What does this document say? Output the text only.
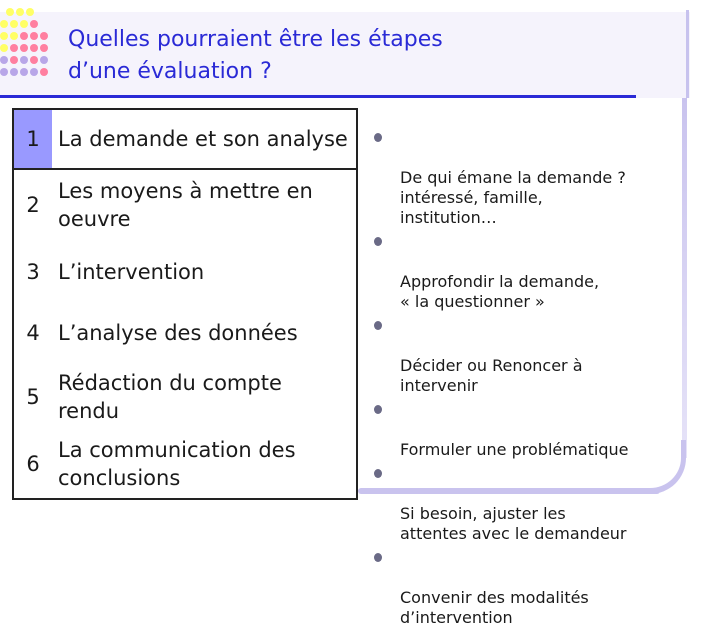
Quelles pourraient être les étapes
d’une évaluation ?
1 La demande et son analyse
2
Les moyens à mettre en
oeuvre
3 L’intervention
4 L’analyse des données
5
Rédaction du compte
rendu
6
La communication des
conclusions

De qui émane la demande ?
intéressé, famille,
institution…

Approfondir la demande,
« la questionner »

Décider ou Renoncer à
intervenir

Formuler une problématique

Si besoin, ajuster les
attentes avec le demandeur

Convenir des modalités
d’intervention
